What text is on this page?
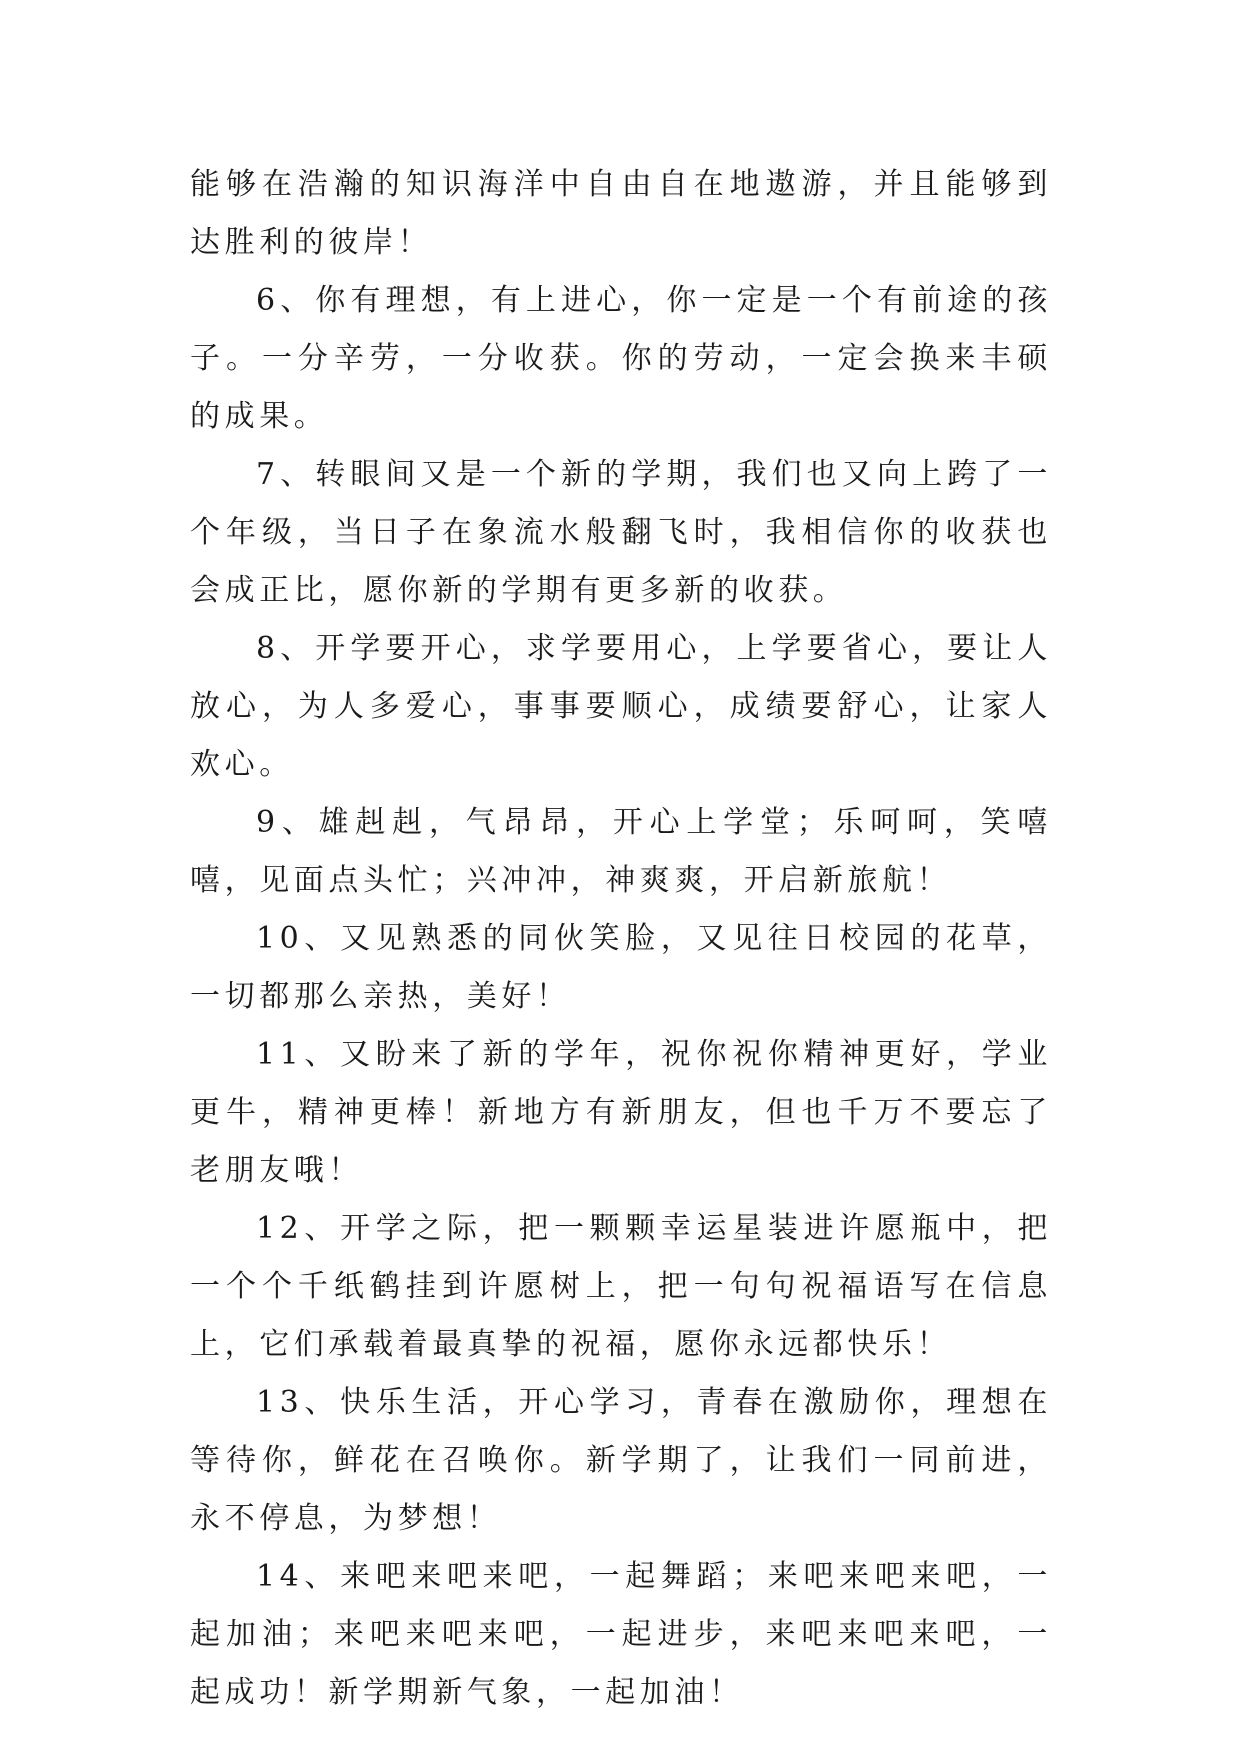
能够在浩瀚的知识海洋中自由自在地遨游，并且能够到达胜利的彼岸！

6、你有理想，有上进心，你一定是一个有前途的孩子。一分辛劳，一分收获。你的劳动，一定会换来丰硕的成果。

7、转眼间又是一个新的学期，我们也又向上跨了一个年级，当日子在象流水般翻飞时，我相信你的收获也会成正比，愿你新的学期有更多新的收获。

8、开学要开心，求学要用心，上学要省心，要让人放心，为人多爱心，事事要顺心，成绩要舒心，让家人欢心。

9、雄赳赳，气昂昂，开心上学堂；乐呵呵，笑嘻嘻，见面点头忙；兴冲冲，神爽爽，开启新旅航！

10、又见熟悉的同伙笑脸，又见往日校园的花草，一切都那么亲热，美好！

11、又盼来了新的学年，祝你祝你精神更好，学业更牛，精神更棒！新地方有新朋友，但也千万不要忘了老朋友哦！

12、开学之际，把一颗颗幸运星装进许愿瓶中，把一个个千纸鹤挂到许愿树上，把一句句祝福语写在信息上，它们承载着最真挚的祝福，愿你永远都快乐！

13、快乐生活，开心学习，青春在激励你，理想在等待你，鲜花在召唤你。新学期了，让我们一同前进，永不停息，为梦想！

14、来吧来吧来吧，一起舞蹈；来吧来吧来吧，一起加油；来吧来吧来吧，一起进步，来吧来吧来吧，一起成功！新学期新气象，一起加油！
